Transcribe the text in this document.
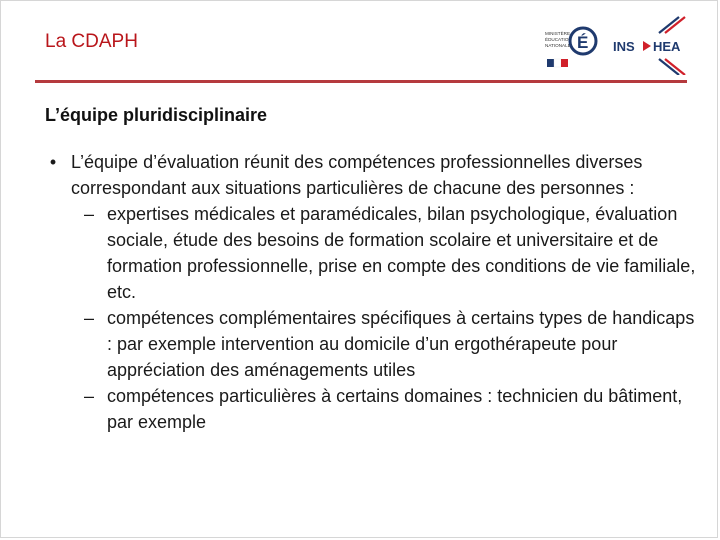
La CDAPH	MINISTÈRE
ÉDUCATION
NATIONALE É INS HEA
L’équipe pluridisciplinaire
• L’équipe d’évaluation réunit des compétences professionnelles diverses correspondant aux situations particulières de chacune des personnes :
– expertises médicales et paramédicales, bilan psychologique, évaluation sociale, étude des besoins de formation scolaire et universitaire et de formation professionnelle, prise en compte des conditions de vie familiale, etc.
– compétences complémentaires spécifiques à certains types de handicaps : par exemple intervention au domicile d’un ergothérapeute pour appréciation des aménagements utiles
– compétences particulières à certains domaines : technicien du bâtiment, par exemple
